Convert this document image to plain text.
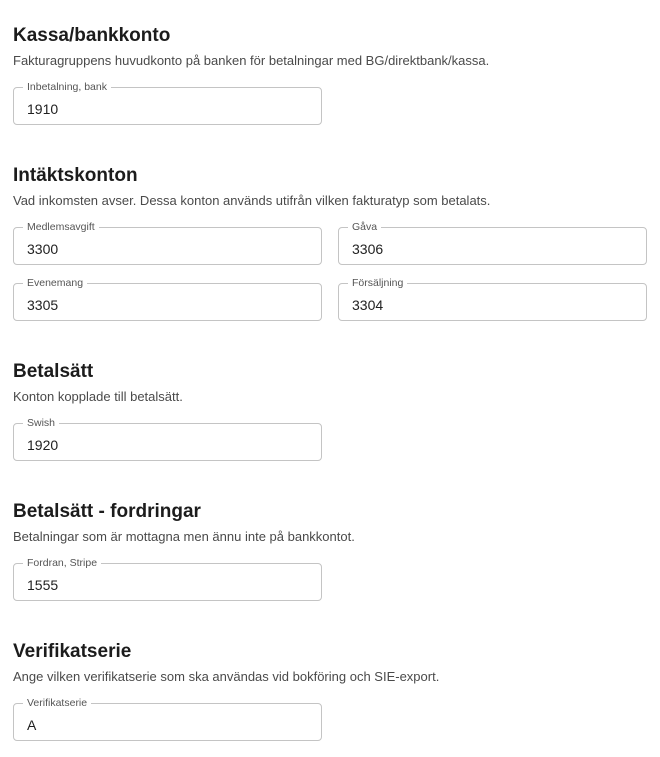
Kassa/bankkonto

Fakturagruppens huvudkonto på banken för betalningar med BG/direktbank/kassa.

Inbetalning, bank
1910
Intäktskonton

Vad inkomsten avser. Dessa konton används utifrån vilken fakturatyp som betalats.

Medlemsavgift
3300	Gåva
3306
Evenemang
3305	Försäljning
3304
Betalsätt

Konton kopplade till betalsätt.

Swish
1920
Betalsätt - fordringar

Betalningar som är mottagna men ännu inte på bankkontot.

Fordran, Stripe
1555
Verifikatserie

Ange vilken verifikatserie som ska användas vid bokföring och SIE-export.

Verifikatserie
A
